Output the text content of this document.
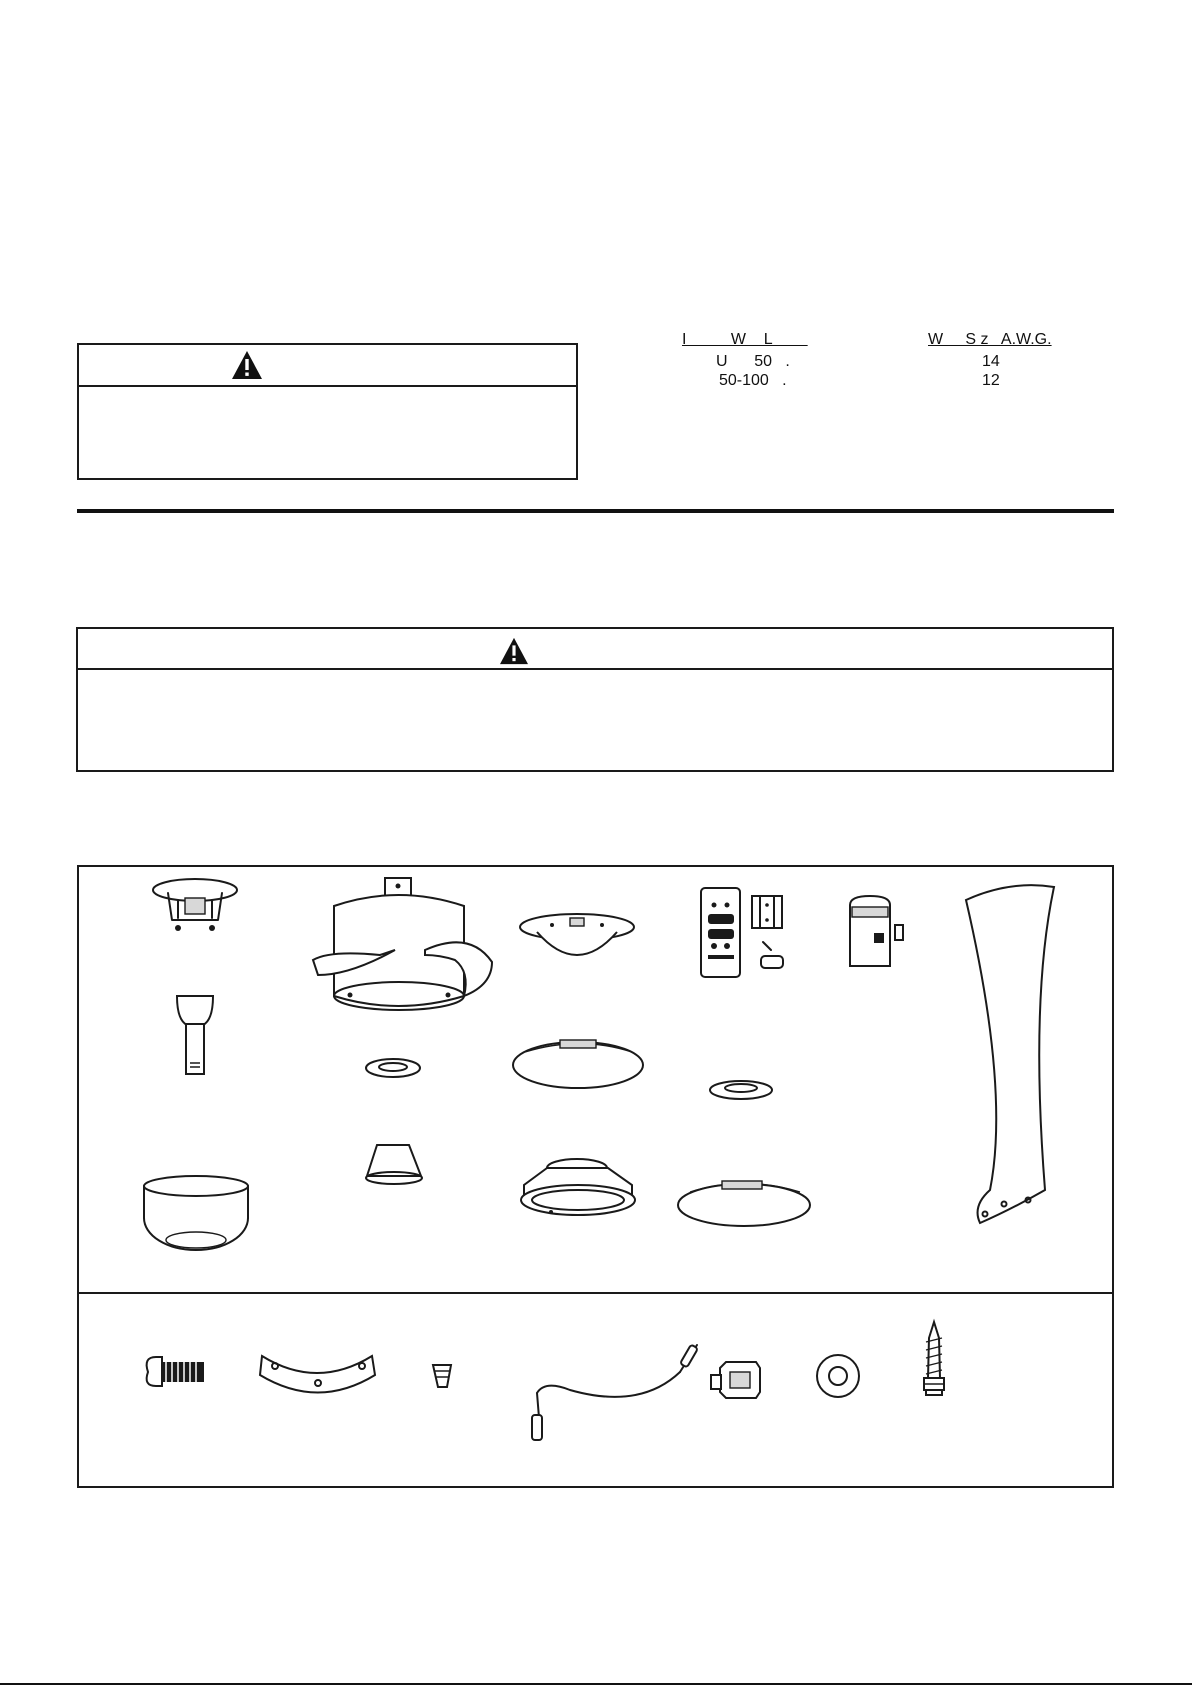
I          W    L	W     S z   A.W.G.
U      50   .	14
50-100   .	12
